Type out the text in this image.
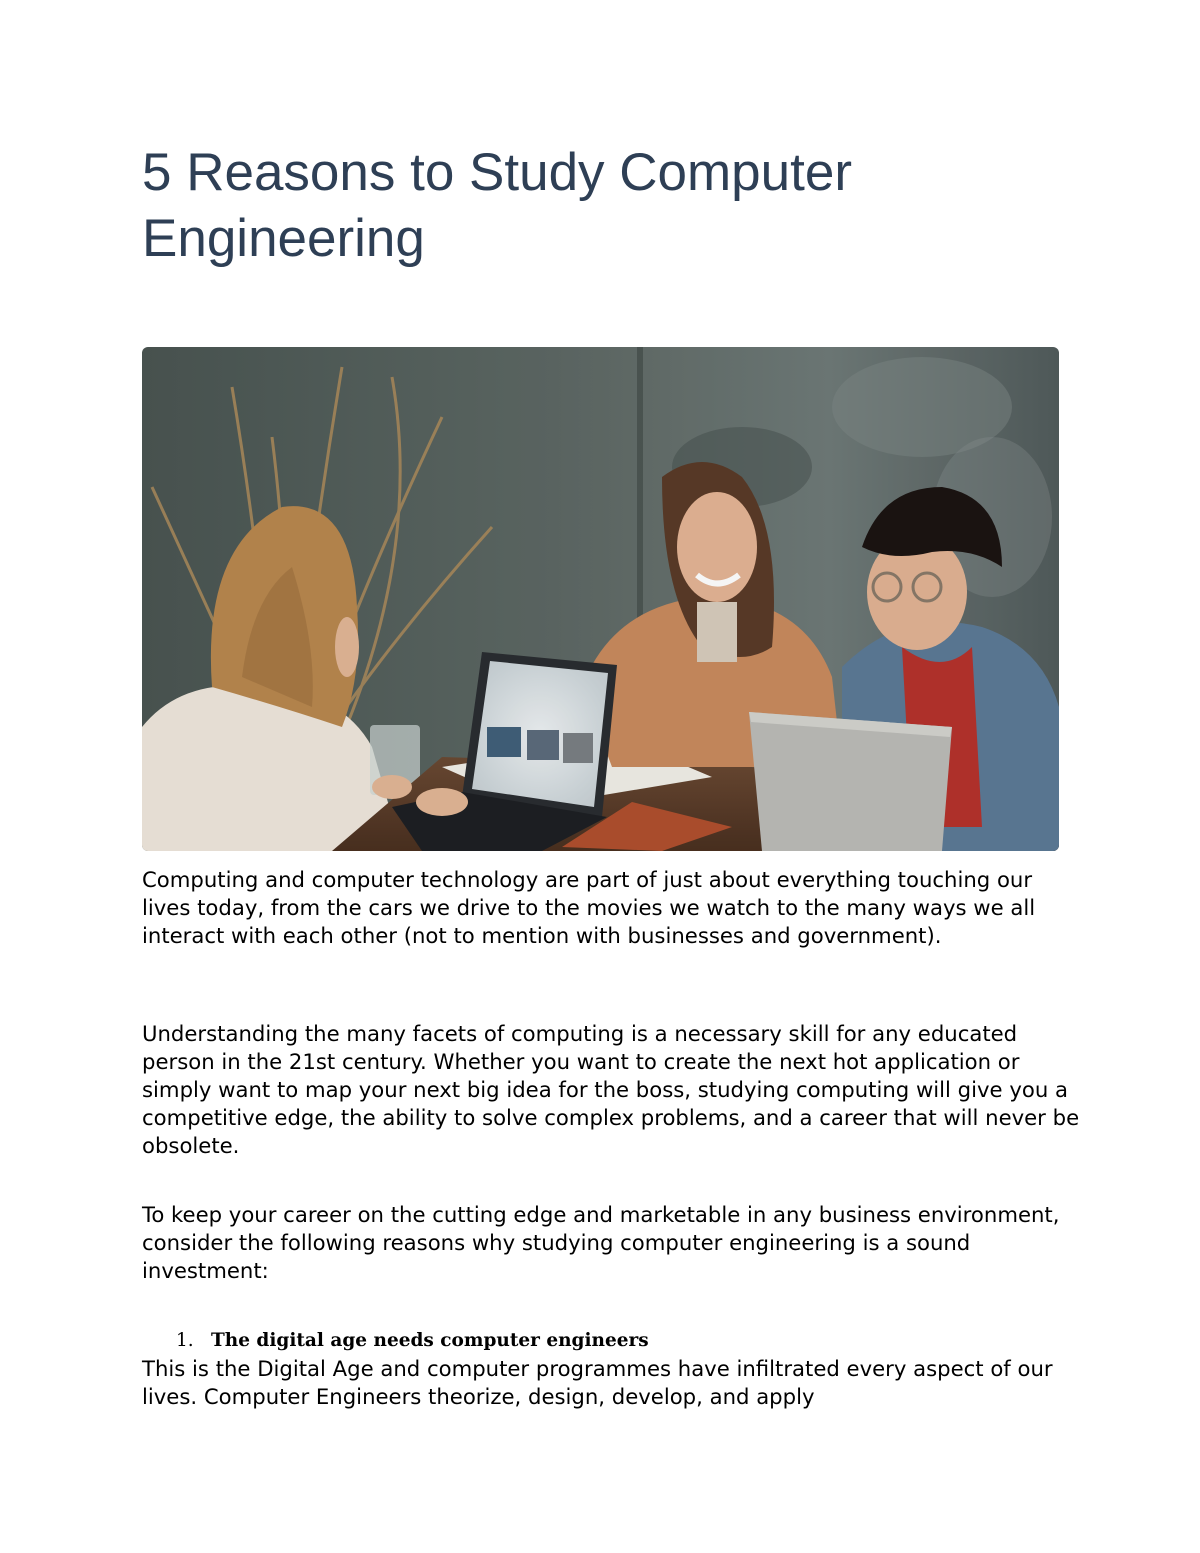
5 Reasons to Study Computer Engineering

Computing and computer technology are part of just about everything touching our lives today, from the cars we drive to the movies we watch to the many ways we all interact with each other (not to mention with businesses and government).

Understanding the many facets of computing is a necessary skill for any educated person in the 21st century. Whether you want to create the next hot application or simply want to map your next big idea for the boss, studying computing will give you a competitive edge, the ability to solve complex problems, and a career that will never be obsolete.

To keep your career on the cutting edge and marketable in any business environment, consider the following reasons why studying computer engineering is a sound investment:

1. The digital age needs computer engineers

This is the Digital Age and computer programmes have infiltrated every aspect of our lives. Computer Engineers theorize, design, develop, and apply
